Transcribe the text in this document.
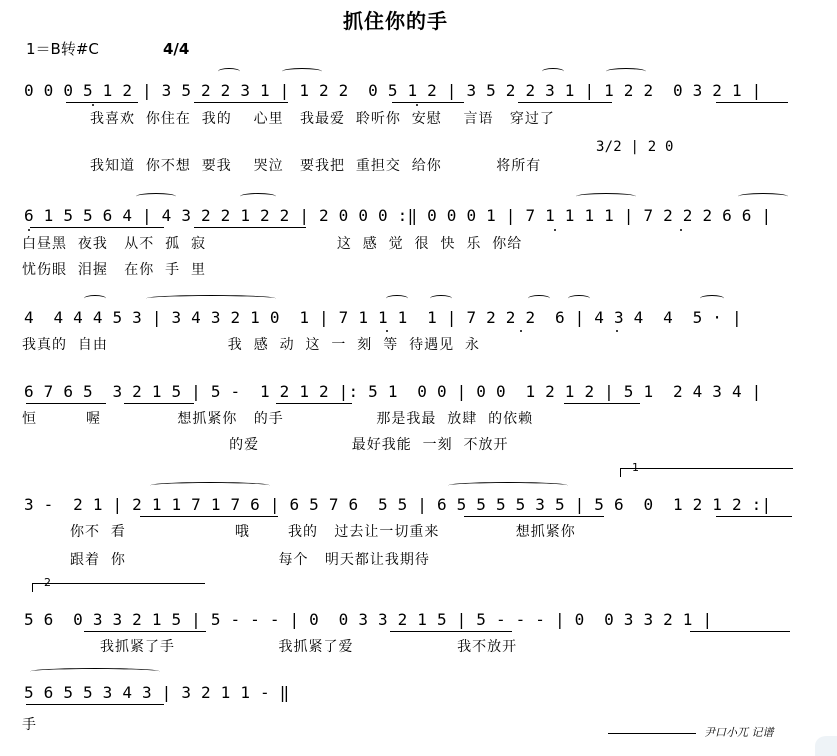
抓住你的手
1＝B转#C	4/4
0 0 0 5 1 2 | 3 5 2 2 3 1 | 1 2 2  0 5 1 2 | 3 5 2 2 3 1 | 1 2 2  0 3 2 1 |
我喜欢  你住在  我的    心里   我最爱  聆听你  安慰    言语   穿过了
3/2 | 2 0
我知道  你不想  要我    哭泣   要我把  重担交  给你          将所有
6 1 5 5 6 4 | 4 3 2 2 1 2 2 | 2 0 0 0 :‖ 0 0 0 1 | 7 1 1 1 1 | 7 2 2 2 6 6 |
白昼黑  夜我   从不  孤  寂                        这  感  觉  很  快  乐  你给
忧伤眼  泪握   在你  手  里
4  4 4 4 5 3 | 3 4 3 2 1 0  1 | 7 1 1 1  1 | 7 2 2 2  6 | 4 3 4  4  5 · |
我真的  自由                      我  感  动  这  一  刻  等  待遇见  永
6 7 6 5  3 2 1 5 | 5 -  1 2 1 2 |: 5 1  0 0 | 0 0  1 2 1 2 | 5 1  2 4 3 4 |
恒         喔              想抓紧你   的手                 那是我最  放肆  的依赖
的爱                 最好我能  一刻  不放开
1
3 -  2 1 | 2 1 1 7 1 7 6 | 6 5 7 6  5 5 | 6 5 5 5 5 3 5 | 5 6  0  1 2 1 2 :|
你不  看                    哦       我的   过去让一切重来              想抓紧你
跟着  你                            每个   明天都让我期待
2
5 6  0 3 3 2 1 5 | 5 - - - | 0  0 3 3 2 1 5 | 5 - - - | 0  0 3 3 2 1 |
我抓紧了手                   我抓紧了爱                   我不放开
5 6 5 5 3 4 3 | 3 2 1 1 - ‖
手	尹口小兀 记谱
